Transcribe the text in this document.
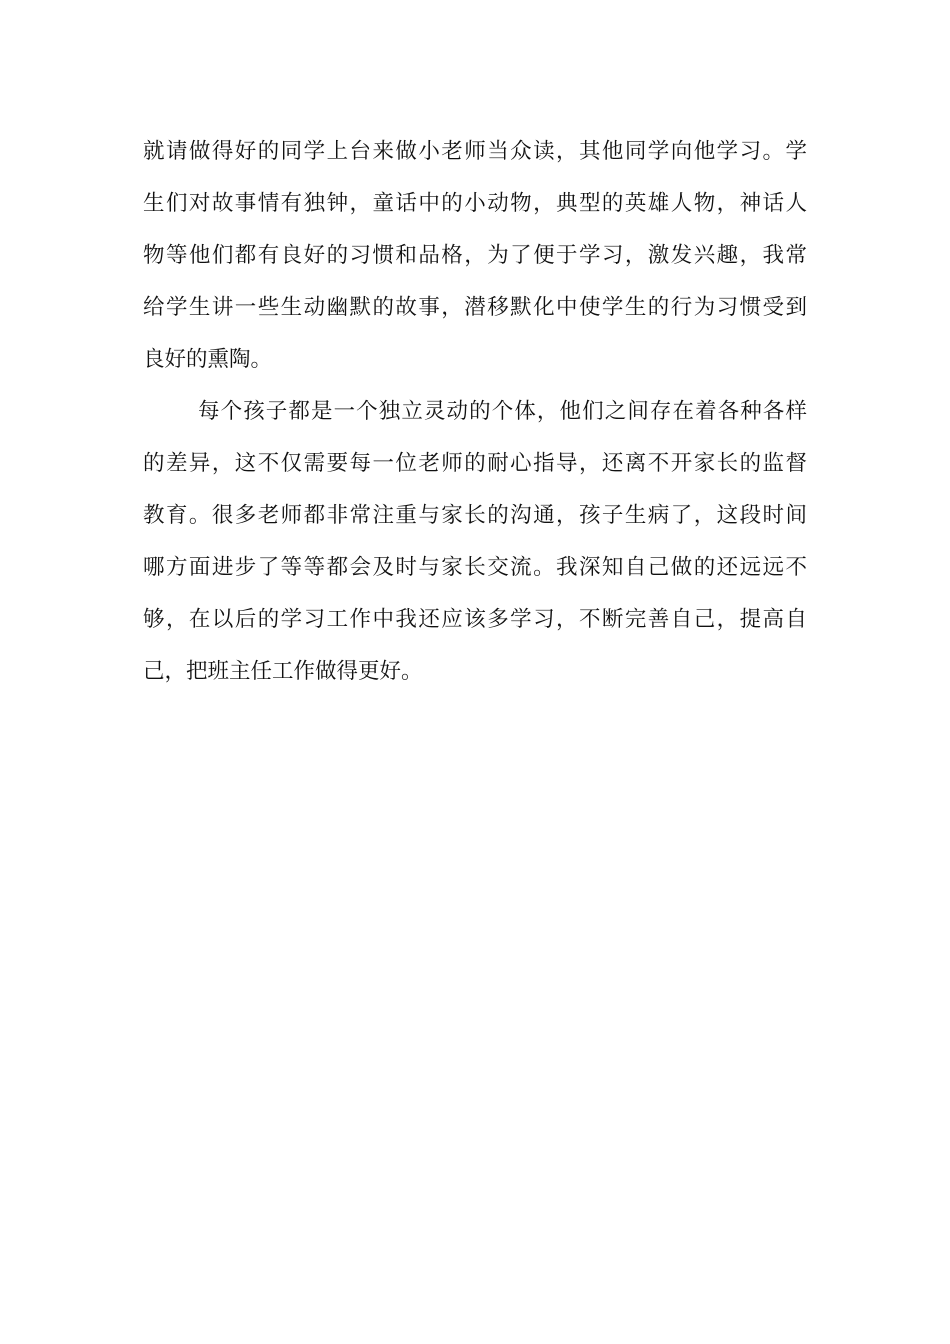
就请做得好的同学上台来做小老师当众读，其他同学向他学习。学
生们对故事情有独钟，童话中的小动物，典型的英雄人物，神话人
物等他们都有良好的习惯和品格，为了便于学习，激发兴趣，我常
给学生讲一些生动幽默的故事，潜移默化中使学生的行为习惯受到
良好的熏陶。
每个孩子都是一个独立灵动的个体，他们之间存在着各种各样
的差异，这不仅需要每一位老师的耐心指导，还离不开家长的监督
教育。很多老师都非常注重与家长的沟通，孩子生病了，这段时间
哪方面进步了等等都会及时与家长交流。我深知自己做的还远远不
够，在以后的学习工作中我还应该多学习，不断完善自己，提高自
己，把班主任工作做得更好。
